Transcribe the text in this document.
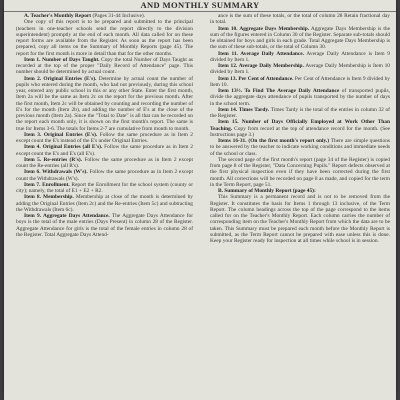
AND MONTHLY SUMMARY

A. Teacher's Monthly Report (Pages 31-44 Inclusive).

One copy of this report is to be prepared and submitted to the principal (teachers in one-teacher schools send the report directly to the division superintendent) promptly at the end of each month. All data called for on these report forms are available from the Register. As soon as the report has been prepared, copy all items on the Summary of Monthly Reports (page 45). The report for the first month is more in detail than that for the other months.

Item 1. Number of Days Taught. Copy the total Number of Days Taught as recorded at the top of the proper "Daily Record of Attendance" page. This number should be determined by actual count.

Item 2. Original Entries (E's). Determine by actual count the number of pupils who entered during the month, who had not previously, during this school year, entered any public school in this or any other State. Enter the first month, Item 2a will be the same as Item 2c on the report for the previous month. After the first month, Item 2c will be obtained by counting and recording the number of E's for the month (Item 2b), and adding the number of E's at the close of the previous month (Item 2a). Since the "Total to Date" is all that can be recorded on the report each month only, it is shown on the first month's report. The same is true for Items 3-6. The totals for Items 2-7 are cumulative from month to month.

Item 3. Original Entries (E's). Follow the same procedure as in Item 2 except count the E's instead of the E's under Original Entries.

Item 4. Original Entries (all E's). Follow the same procedure as in Item 2 except count the E's and E's (all E's).

Item 5. Re-entries (R's). Follow the same procedure as in Item 2 except count the Re-entries (all R's).

Item 6. Withdrawals (W's). Follow the same procedure as in Item 2 except count the Withdrawals (W's).

Item 7. Enrollment. Report the Enrollment for the school system (county or city); namely, the total of E1 + E2 + R2.

Item 8. Membership. Membership at close of the month is determined by adding the Original Entries (Item 2c) and the Re-entries (Item 5c) and subtracting the Withdrawals (Item 6c).

Item 9. Aggregate Days Attendance. The Aggregate Days Attendance for boys is the total of the male entries (Days Present) in column 28 of the Register. Aggregate Attendance for girls is the total of the female entries in column 28 of the Register. Total Aggregate Days Attend-

ance is the sum of these totals, or the total of column 28 Retain fractional day in total.

Item 10. Aggregate Days Membership. Aggregate Days Membership is the sum of the figures entered in Column 30 of the Register. Separate sub-totals should be obtained for boys and girls in each grade. Total Aggregate Days Membership is the sum of these sub-totals, or the total of Column 30.

Item 11. Average Daily Attendance. Average Daily Attendance is Item 9 divided by Item 1.

Item 12. Average Daily Membership. Average Daily Membership is Item 10 divided by Item 1.

Item 13. Per Cent of Attendance. Per Cent of Attendance is Item 9 divided by Item 10.

Item 13½. To Find The Average Daily Attendance of transported pupils, divide the aggregate days attendance of pupils transported by the number of days in the school term.

Item 14. Times Tardy. Times Tardy is the total of the entries in column 32 of the Register.

Item 15. Number of Days Officially Employed at Work Other Than Teaching. Copy from record at the top of attendance record for the month. (See Instructions page 3.)

Items 16-31. (On the first month's report only.) There are simple questions to be answered by the teacher to indicate working conditions and immediate needs of the school or class.

The second page of the first month's report (page 34 of the Register) is copied from page 8 of the Register, "Data Concerning Pupils." Report defects observed at the first physical inspection even if they have been corrected during the first month. All corrections will be recorded on page 8 as made, and copied for the term in the Term Report, page 51.

B. Summary of Monthly Report (page 45):

This Summary is a permanent record and is not to be removed from the Register. It constitutes the basis for Items 1 through 13 inclusive, of the Term Report. The column headings across the top of the page correspond to the items called for on the Teacher's Monthly Report. Each column carries the number of corresponding item on the Teacher's Monthly Report from which the data are to be taken. This Summary must be prepared each month before the Monthly Report is submitted, as the Term Report cannot be prepared with ease unless this is done. Keep your Register ready for inspection at all times while school is in session.
